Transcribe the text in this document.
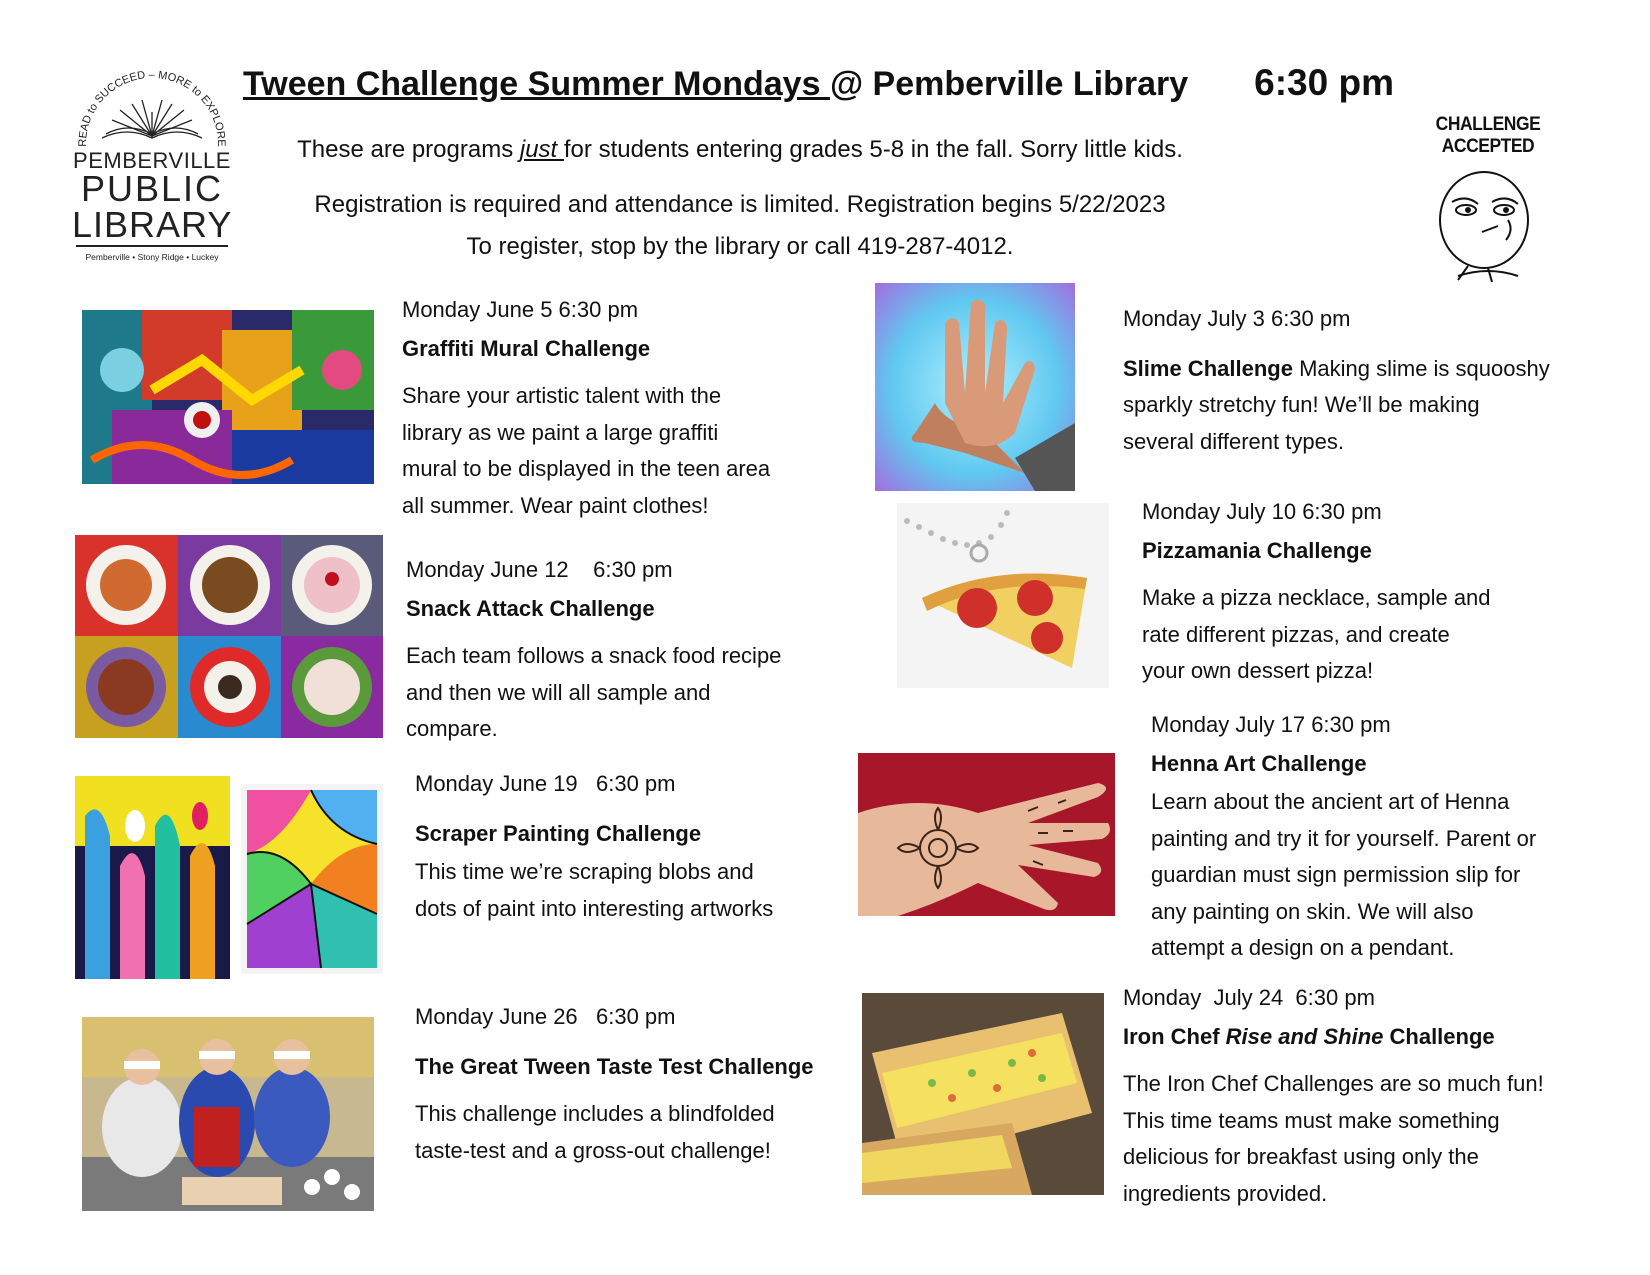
READ to SUCCEED – MORE to EXPLORE
PEMBERVILLE
PUBLIC
LIBRARY
Pemberville • Stony Ridge • Luckey
Tween Challenge Summer Mondays @ Pemberville Library 6:30 pm
These are programs just for students entering grades 5-8 in the fall. Sorry little kids.
Registration is required and attendance is limited. Registration begins 5/22/2023
To register, stop by the library or call 419-287-4012.
CHALLENGE ACCEPTED
Monday June 5 6:30 pm
Graffiti Mural Challenge
Share your artistic talent with the
library as we paint a large graffiti
mural to be displayed in the teen area
all summer. Wear paint clothes!
Monday June 12    6:30 pm
Snack Attack Challenge
Each team follows a snack food recipe
and then we will all sample and
compare.
Monday June 19   6:30 pm
Scraper Painting Challenge
This time we’re scraping blobs and
dots of paint into interesting artworks
Monday June 26   6:30 pm
The Great Tween Taste Test Challenge
This challenge includes a blindfolded
taste-test and a gross-out challenge!
Monday July 3 6:30 pm
Slime Challenge Making slime is squooshy
sparkly stretchy fun! We’ll be making
several different types.
Monday July 10 6:30 pm
Pizzamania Challenge
Make a pizza necklace, sample and
rate different pizzas, and create
your own dessert pizza!
Monday July 17 6:30 pm
Henna Art Challenge
Learn about the ancient art of Henna
painting and try it for yourself. Parent or
guardian must sign permission slip for
any painting on skin. We will also
attempt a design on a pendant.
Monday  July 24  6:30 pm
Iron Chef Rise and Shine Challenge
The Iron Chef Challenges are so much fun!
This time teams must make something
delicious for breakfast using only the
ingredients provided.
